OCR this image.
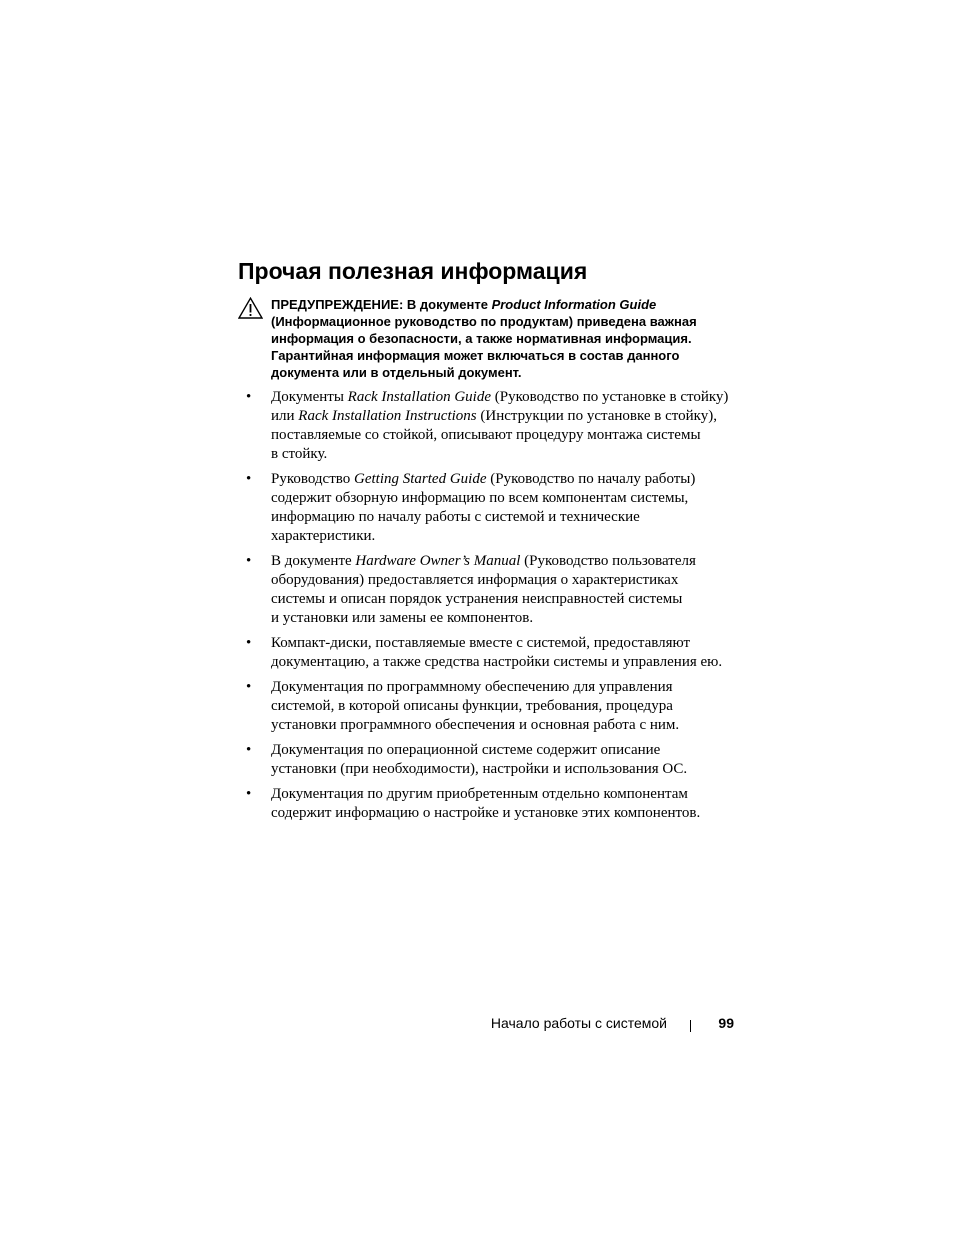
Прочая полезная информация
ПРЕДУПРЕЖДЕНИЕ: В документе Product Information Guide
(Информационное руководство по продуктам) приведена важная
информация о безопасности, а также нормативная информация.
Гарантийная информация может включаться в состав данного
документа или в отдельный документ.
• Документы Rack Installation Guide (Руководство по установке в стойку)
или Rack Installation Instructions (Инструкции по установке в стойку),
поставляемые со стойкой, описывают процедуру монтажа системы
в стойку.
• Руководство Getting Started Guide (Руководство по началу работы)
содержит обзорную информацию по всем компонентам системы,
информацию по началу работы с системой и технические
характеристики.
• В документе Hardware Owner’s Manual (Руководство пользователя
оборудования) предоставляется информация о характеристиках
системы и описан порядок устранения неисправностей системы
и установки или замены ее компонентов.
• Компакт-диски, поставляемые вместе с системой, предоставляют
документацию, а также средства настройки системы и управления ею.
• Документация по программному обеспечению для управления
системой, в которой описаны функции, требования, процедура
установки программного обеспечения и основная работа с ним.
• Документация по операционной системе содержит описание
установки (при необходимости), настройки и использования ОС.
• Документация по другим приобретенным отдельно компонентам
содержит информацию о настройке и установке этих компонентов.
Начало работы с системой	99
